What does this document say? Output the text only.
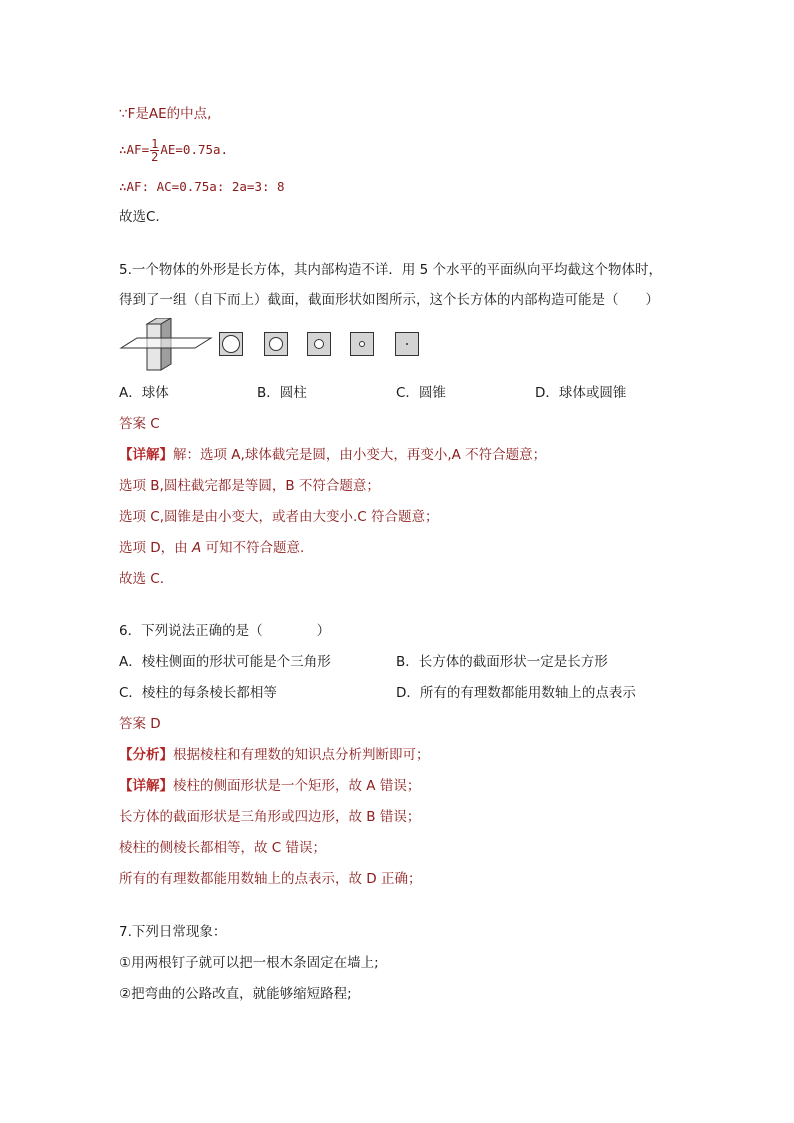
∵F是AE的中点,
∴AF= $\frac{1}{2} AE=0.75a$.
∴AF: AC=0.75a: 2a=3: 8
故选C.
5.一个物体的外形是长方体，其内部构造不详．用 5 个水平的平面纵向平均截这个物体时，
得到了一组（自下而上）截面，截面形状如图所示，这个长方体的内部构造可能是（　　）
A．球体	B．圆柱	C．圆锥	D．球体或圆锥
答案 C
【详解】解：选项 A,球体截完是圆，由小变大，再变小,A 不符合题意；
选项 B,圆柱截完都是等圆，B 不符合题意；
选项 C,圆锥是由小变大，或者由大变小.C 符合题意；
选项 D，由 A 可知不符合题意.
故选 C.
6．下列说法正确的是（　　　　）
A．棱柱侧面的形状可能是个三角形	B．长方体的截面形状一定是长方形
C．棱柱的每条棱长都相等	D．所有的有理数都能用数轴上的点表示
答案 D
【分析】根据棱柱和有理数的知识点分析判断即可；
【详解】棱柱的侧面形状是一个矩形，故 A 错误；
长方体的截面形状是三角形或四边形，故 B 错误；
棱柱的侧棱长都相等，故 C 错误；
所有的有理数都能用数轴上的点表示，故 D 正确；
7.下列日常现象：
①用两根钉子就可以把一根木条固定在墙上;
②把弯曲的公路改直，就能够缩短路程;
